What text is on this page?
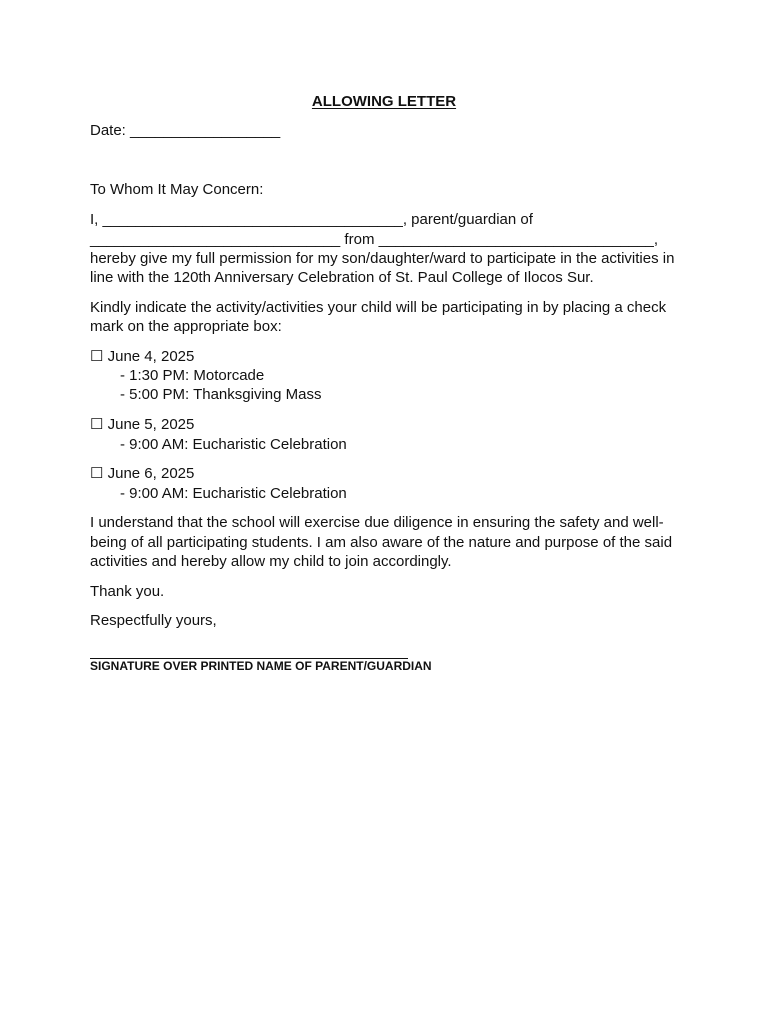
ALLOWING LETTER
Date: __________________
To Whom It May Concern:
I, ____________________________________, parent/guardian of
______________________________ from _________________________________,
hereby give my full permission for my son/daughter/ward to participate in the activities in
line with the 120th Anniversary Celebration of St. Paul College of Ilocos Sur.
Kindly indicate the activity/activities your child will be participating in by placing a check
mark on the appropriate box:
☐ June 4, 2025
- 1:30 PM: Motorcade
- 5:00 PM: Thanksgiving Mass
☐ June 5, 2025
- 9:00 AM: Eucharistic Celebration
☐ June 6, 2025
- 9:00 AM: Eucharistic Celebration
I understand that the school will exercise due diligence in ensuring the safety and well-
being of all participating students. I am also aware of the nature and purpose of the said
activities and hereby allow my child to join accordingly.
Thank you.
Respectfully yours,
SIGNATURE OVER PRINTED NAME OF PARENT/GUARDIAN
